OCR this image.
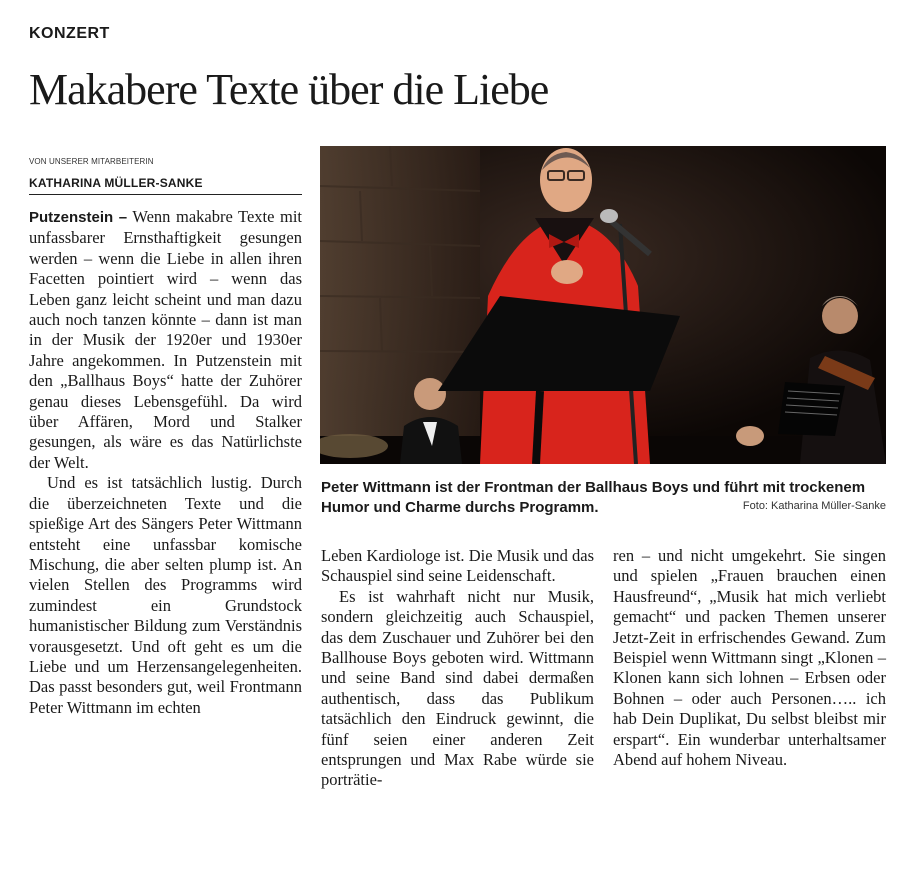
KONZERT
Makabere Texte über die Liebe
VON UNSERER MITARBEITERIN
KATHARINA MÜLLER-SANKE

Putzenstein – Wenn makabre Texte mit unfassbarer Ernsthaftigkeit gesungen werden – wenn die Liebe in allen ihren Facetten pointiert wird – wenn das Leben ganz leicht scheint und man dazu auch noch tanzen könnte – dann ist man in der Musik der 1920er und 1930er Jahre angekommen. In Putzenstein mit den „Ballhaus Boys“ hatte der Zuhörer genau dieses Lebensgefühl. Da wird über Affären, Mord und Stalker gesungen, als wäre es das Natürlichste der Welt.

Und es ist tatsächlich lustig. Durch die überzeichneten Texte und die spießige Art des Sängers Peter Wittmann entsteht eine unfassbar komische Mischung, die aber selten plump ist. An vielen Stellen des Programms wird zumindest ein Grundstock humanistischer Bildung zum Verständnis vorausgesetzt. Und oft geht es um die Liebe und um Herzensangelegenheiten. Das passt besonders gut, weil Frontmann Peter Wittmann im echten

Peter Wittmann ist der Frontman der Ballhaus Boys und führt mit trockenem Humor und Charme durchs Programm.	Foto: Katharina Müller-Sanke

Leben Kardiologe ist. Die Musik und das Schauspiel sind seine Leidenschaft.

Es ist wahrhaft nicht nur Musik, sondern gleichzeitig auch Schauspiel, das dem Zuschauer und Zuhörer bei den Ballhouse Boys geboten wird. Wittmann und seine Band sind dabei dermaßen authentisch, dass das Publikum tatsächlich den Eindruck gewinnt, die fünf seien einer anderen Zeit entsprungen und Max Rabe würde sie porträtie-

ren – und nicht umgekehrt. Sie singen und spielen „Frauen brauchen einen Hausfreund“, „Musik hat mich verliebt gemacht“ und packen Themen unserer Jetzt-Zeit in erfrischendes Gewand. Zum Beispiel wenn Wittmann singt „Klonen – Klonen kann sich lohnen – Erbsen oder Bohnen – oder auch Personen….. ich hab Dein Duplikat, Du selbst bleibst mir erspart“. Ein wunderbar unterhaltsamer Abend auf hohem Niveau.
